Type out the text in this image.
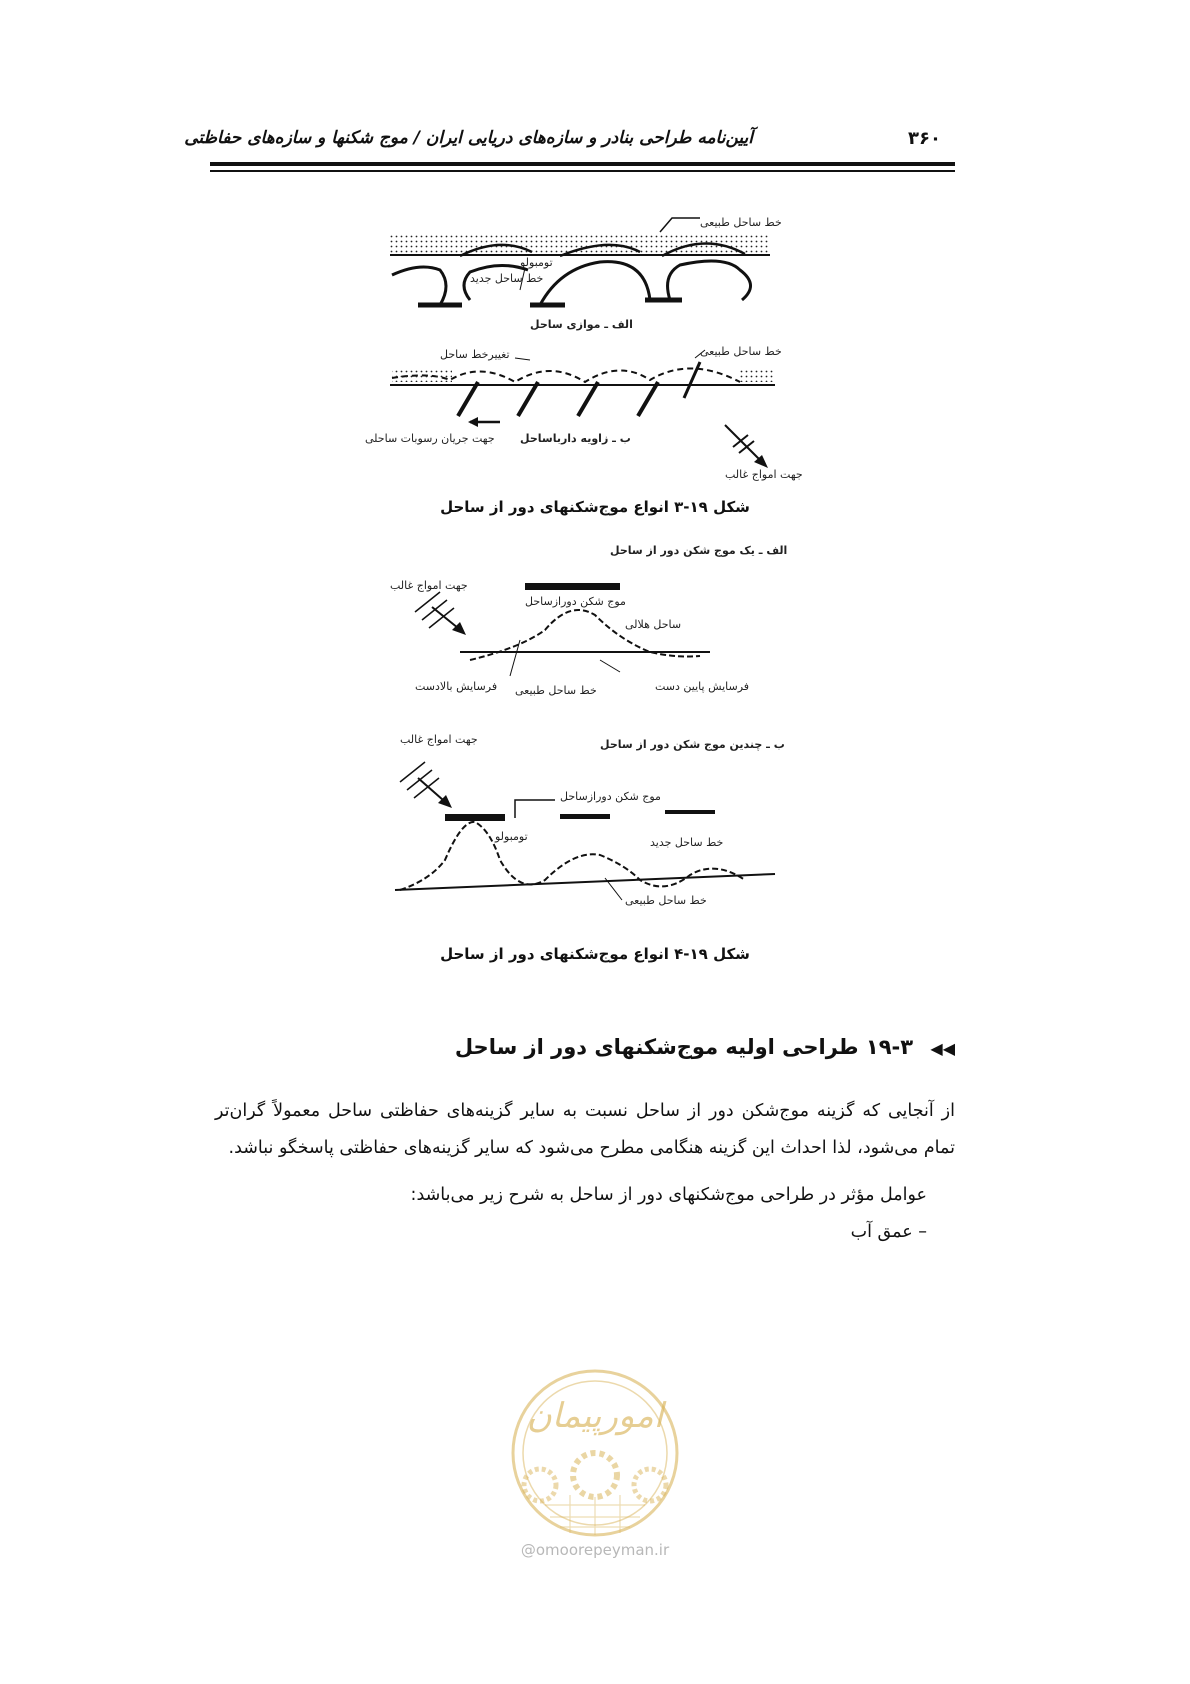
آیین‌نامه طراحی بنادر و سازه‌های دریایی ایران / موج شکنها و سازه‌های حفاظتی	۳۶۰
خط ساحل طبیعی
تومبولو
خط ساحل جدید
الف ـ موازی ساحل
تغییرخط ساحل	خط ساحل طبیعی
جهت جریان رسوبات ساحلی ب ـ زاویه دارباساحل
جهت امواج غالب
الف ـ یک موج شکن دور از ساحل
جهت امواج غالب
موج شکن دورازساحل
ساحل هلالی
فرسایش بالادست خط ساحل طبیعی	فرسایش پایین دست
ب ـ چندین موج شکن دور از ساحل
جهت امواج غالب
موج شکن دورازساحل
تومبولو	خط ساحل جدید
خط ساحل طبیعی
شکل ۱۹-۳ انواع موج‌شکنهای دور از ساحل
شکل ۱۹-۴ انواع موج‌شکنهای دور از ساحل
◀◀ ۱۹-۳ طراحی اولیه موج‌شکنهای دور از ساحل
از آنجایی که گزینه موج‌شکن دور از ساحل نسبت به سایر گزینه‌های حفاظتی ساحل معمولاً گران‌تر تمام می‌شود، لذا احداث این گزینه هنگامی مطرح می‌شود که سایر گزینه‌های حفاظتی پاسخگو نباشد.
عوامل مؤثر در طراحی موج‌شکنهای دور از ساحل به شرح زیر می‌باشد:
– عمق آب
امورپیمان
@omoorepeyman.ir
